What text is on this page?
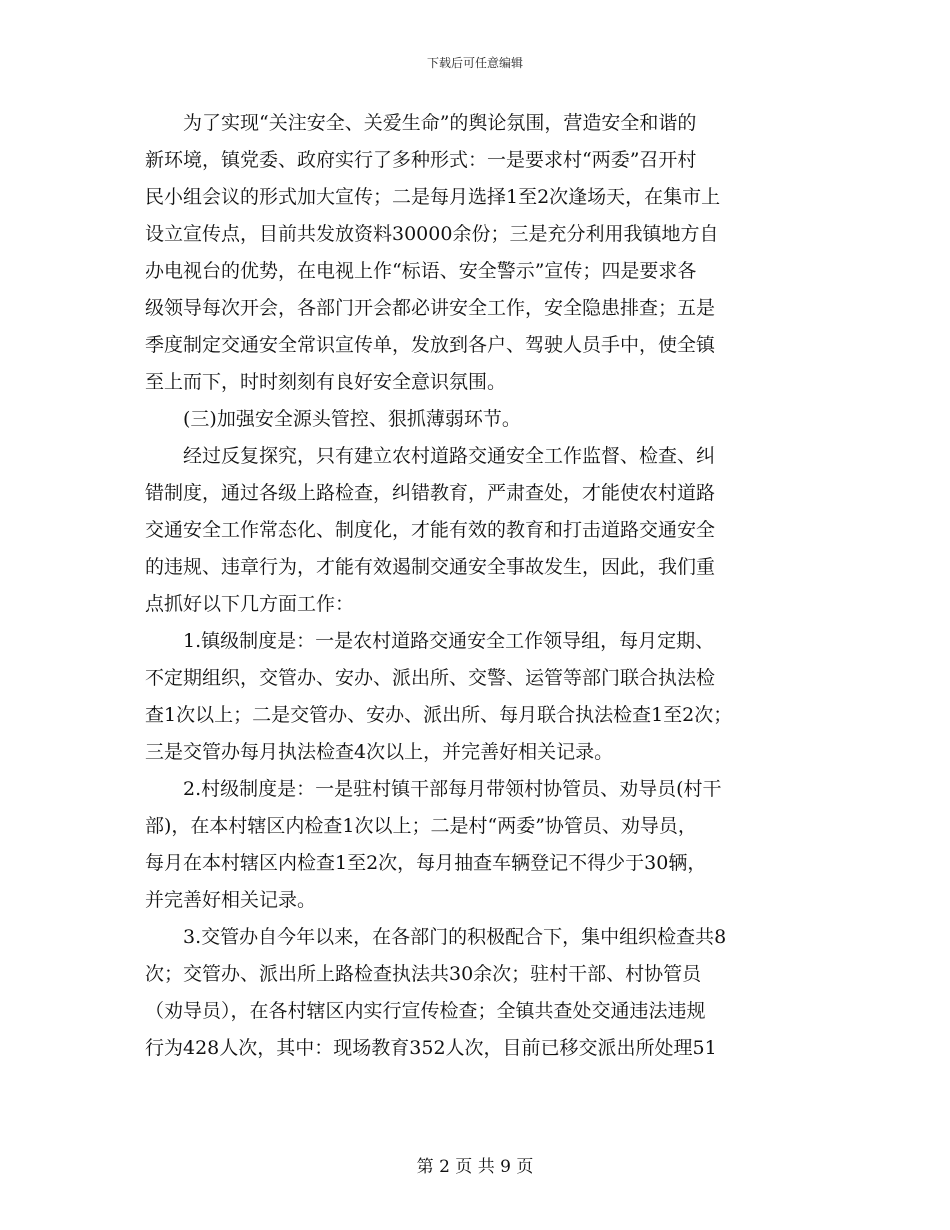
下载后可任意编辑
　　为了实现“关注安全、关爱生命”的舆论氛围，营造安全和谐的
新环境，镇党委、政府实行了多种形式：一是要求村“两委”召开村
民小组会议的形式加大宣传；二是每月选择1至2次逢场天，在集市上
设立宣传点，目前共发放资料30000余份；三是充分利用我镇地方自
办电视台的优势，在电视上作“标语、安全警示”宣传；四是要求各
级领导每次开会，各部门开会都必讲安全工作，安全隐患排查；五是
季度制定交通安全常识宣传单，发放到各户、驾驶人员手中，使全镇
至上而下，时时刻刻有良好安全意识氛围。
　　(三)加强安全源头管控、狠抓薄弱环节。
　　经过反复探究，只有建立农村道路交通安全工作监督、检查、纠
错制度，通过各级上路检查，纠错教育，严肃查处，才能使农村道路
交通安全工作常态化、制度化，才能有效的教育和打击道路交通安全
的违规、违章行为，才能有效遏制交通安全事故发生，因此，我们重
点抓好以下几方面工作：
　　1.镇级制度是：一是农村道路交通安全工作领导组，每月定期、
不定期组织，交管办、安办、派出所、交警、运管等部门联合执法检
查1次以上；二是交管办、安办、派出所、每月联合执法检查1至2次；
三是交管办每月执法检查4次以上，并完善好相关记录。
　　2.村级制度是：一是驻村镇干部每月带领村协管员、劝导员(村干
部)，在本村辖区内检查1次以上；二是村“两委”协管员、劝导员，
每月在本村辖区内检查1至2次，每月抽查车辆登记不得少于30辆，
并完善好相关记录。
　　3.交管办自今年以来，在各部门的积极配合下，集中组织检查共8
次；交管办、派出所上路检查执法共30余次；驻村干部、村协管员
（劝导员），在各村辖区内实行宣传检查；全镇共查处交通违法违规
行为428人次，其中：现场教育352人次，目前已移交派出所处理51
第 2 页 共 9 页
